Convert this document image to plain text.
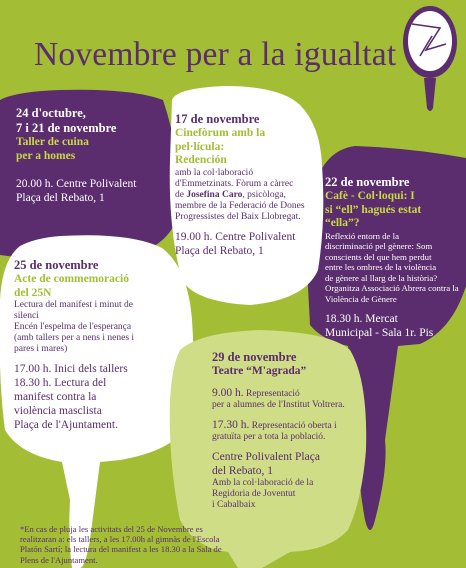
Novembre per a la igualtat
24 d'octubre,
7 i 21 de novembre
Taller de cuina
per a homes
20.00 h. Centre Polivalent
Plaça del Rebato, 1
17 de novembre
Cinefòrum amb la
pel·lícula:
Redención
amb la col·laboració
d'Emmetzinats. Fòrum a càrrec
de Josefina Caro, psicòloga,
membre de la Federació de Dones
Progressistes del Baix Llobregat.
19.00 h. Centre Polivalent
Plaça del Rebato, 1
22 de novembre
Cafè - Col·loqui: I
si “ell” hagués estat
“ella”?
Reflexió entorn de la
discriminació pel gènere: Som
conscients del que hem perdut
entre les ombres de la violència
de gènere al llarg de la història?
Organitza Associació Abrera contra la
Violència de Gènere
18.30 h. Mercat
Municipal - Sala 1r. Pis
25 de novembre
Acte de commemoració
del 25N
Lectura del manifest i minut de
silenci
Encén l'espelma de l'esperança
(amb tallers per a nens i nenes i
pares i mares)
17.00 h. Inici dels tallers
18.30 h. Lectura del
manifest contra la
violència masclista
Plaça de l'Ajuntament.
29 de novembre
Teatre “M'agrada”
9.00 h. Representació
per a alumnes de l'Institut Voltrera.
17.30 h. Representació oberta i
gratuïta per a tota la població.
Centre Polivalent Plaça
del Rebato, 1
Amb la col·laboració de la
Regidoria de Joventut
i Cabalbaix
*En cas de pluja les activitats del 25 de Novembre es realitzaran a: els tallers, a les 17.00h al gimnàs de l'Escola Platón Sartí; la lectura del manifest a les 18.30 a la Sala de Plens de l'Ajuntament.
